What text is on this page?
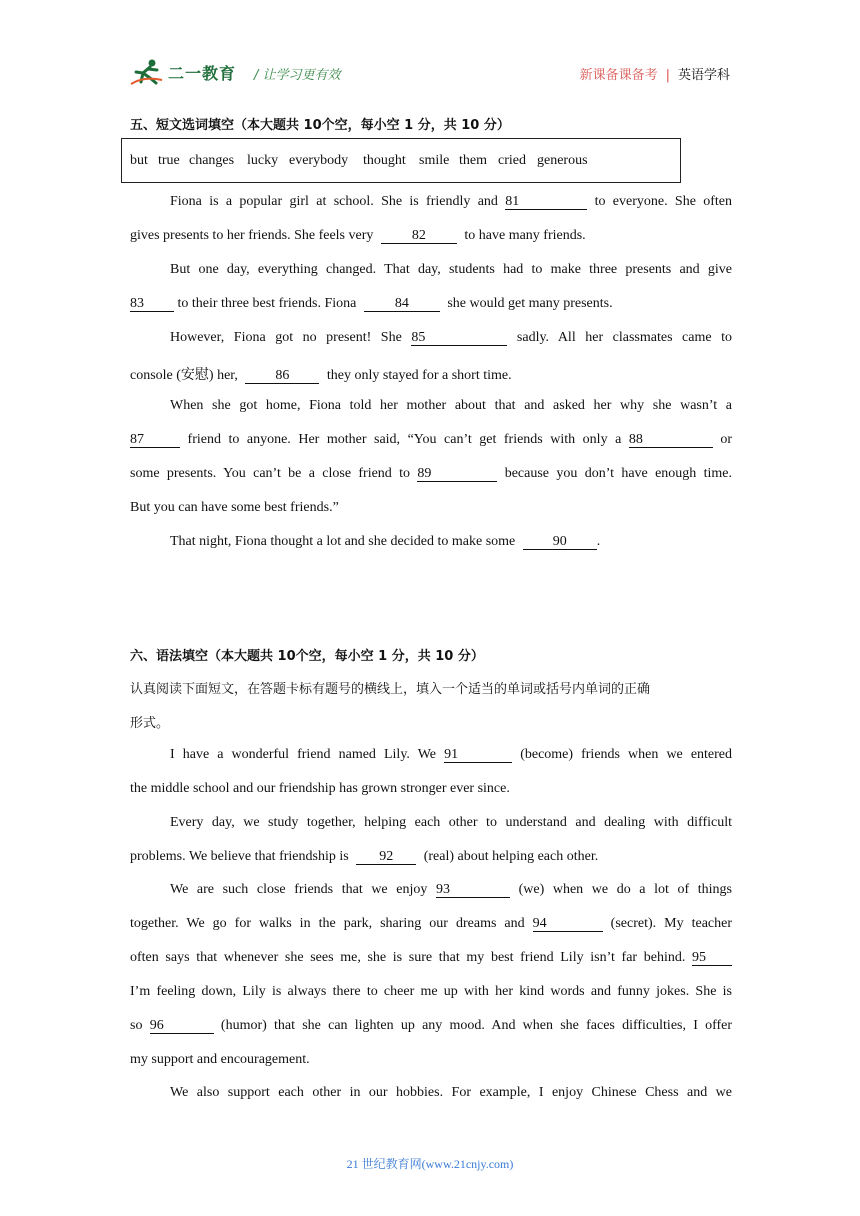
二一教育 / 让学习更有效	新课备课备考 | 英语学科
五、短文选词填空（本大题共 10个空，每小空 1 分，共 10 分）
but true changes lucky everybody thought smile them cried generous
Fiona is a popular girl at school. She is friendly and 81	to everyone. She often
gives presents to her friends. She feels very	82	to have many friends.
But one day, everything changed. That day, students had to make three presents and give
83 to their three best friends. Fiona	84	she would get many presents.
However, Fiona got no present! She 85	sadly. All her classmates came to
console (安慰) her,	86	they only stayed for a short time.
When she got home, Fiona told her mother about that and asked her why she wasn’t a
87	friend to anyone. Her mother said, “You can’t get friends with only a 88	or
some presents. You can’t be a close friend to 89	because you don’t have enough time.
But you can have some best friends.”
That night, Fiona thought a lot and she decided to make some	90 .
六、语法填空（本大题共 10个空，每小空 1 分，共 10 分）
认真阅读下面短文，在答题卡标有题号的横线上，填入一个适当的单词或括号内单词的正确
形式。
I have a wonderful friend named Lily. We 91	(become) friends when we entered
the middle school and our friendship has grown stronger ever since.
Every day, we study together, helping each other to understand and dealing with difficult
problems. We believe that friendship is 92 (real) about helping each other.
We are such close friends that we enjoy 93	(we) when we do a lot of things
together. We go for walks in the park, sharing our dreams and 94	(secret). My teacher
often says that whenever she sees me, she is sure that my best friend Lily isn’t far behind. 95
I’m feeling down, Lily is always there to cheer me up with her kind words and funny jokes. She is
so 96	(humor) that she can lighten up any mood. And when she faces difficulties, I offer
my support and encouragement.
We also support each other in our hobbies. For example, I enjoy Chinese Chess and we
21 世纪教育网(www.21cnjy.com)
